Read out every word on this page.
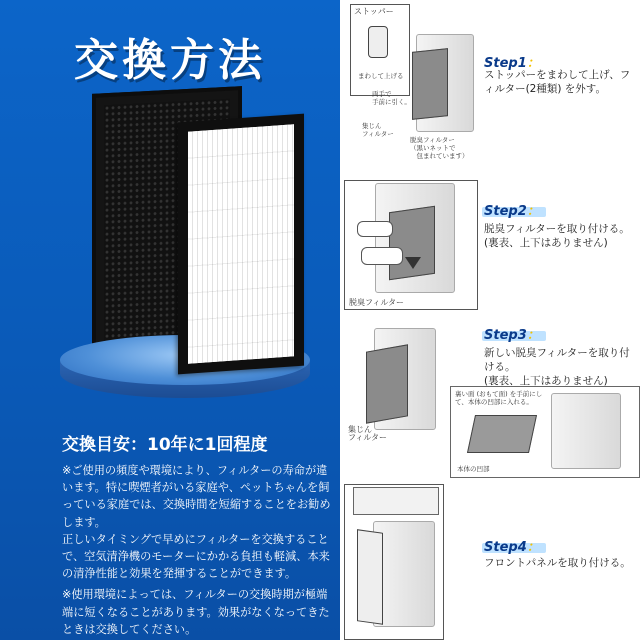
交換方法
交換目安：10年に1回程度

※ご使用の頻度や環境により、フィルターの寿命が違います。特に喫煙者がいる家庭や、ペットちゃんを飼っている家庭では、交換時間を短縮することをお勧めします。

正しいタイミングで早めにフィルターを交換することで、空気清浄機のモーターにかかる負担も軽減、本来の清浄性能と効果を発揮することができます。

※使用環境によっては、フィルターの交換時期が極端端に短くなることがあります。効果がなくなってきたときは交換してください。

ストッパー
まわして上げる
両手で
手前に引く。
集じん
フィルター
脱臭フィルター
（黒いネットで
　包まれています）
Step1：
ストッパーをまわして上げ、フィルター(2種類) を外す。
脱臭フィルター
Step2：
脱臭フィルターを取り付ける。
(裏表、上下はありません)
集じん
フィルター
裏い面 (おもて面) を手前にして、本体の凹部に入れる。
本体の凹部
Step3：
新しい脱臭フィルターを取り付ける。
(裏表、上下はありません)
Step4：
フロントパネルを取り付ける。
